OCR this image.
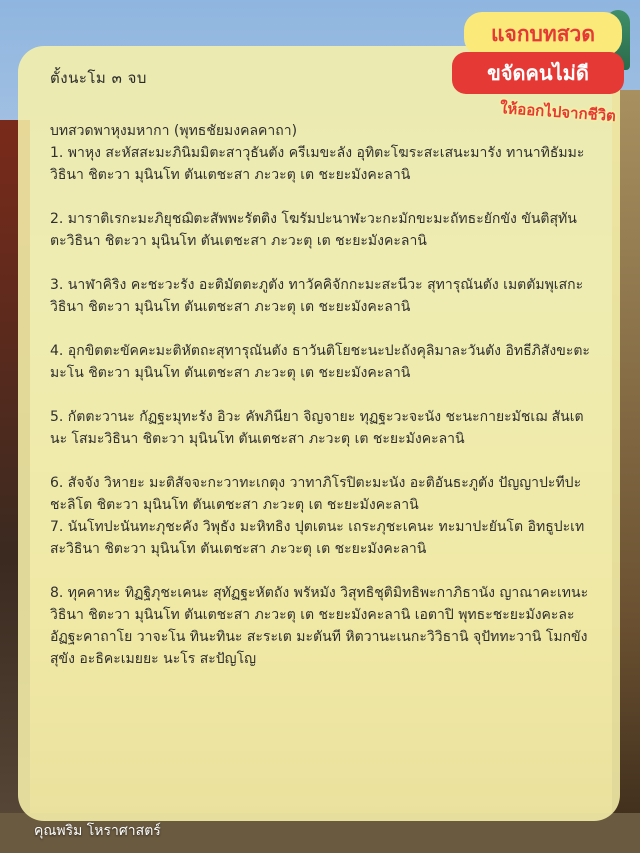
แจกบทสวด
ขจัดคนไม่ดี
ให้ออกไปจากชีวิต
ตั้งนะโม ๓ จบ

บทสวดพาหุงมหากา (พุทธชัยมงคลคาถา)

1. พาหุง สะหัสสะมะภินิมมิตะสาวุธันตัง ครีเมขะลัง อุทิตะโฆระสะเสนะมารัง ทานาทิธัมมะวิธินา ชิตะวา มุนินโท ตันเตชะสา ภะวะตุ เต ชะยะมังคะลานิ

2. มาราติเรกะมะภิยุชฌิตะสัพพะรัตติง โฆรัมปะนาฬะวะกะมักขะมะถัทธะยักขัง ขันติสุทันตะวิธินา ชิตะวา มุนินโท ตันเตชะสา ภะวะตุ เต ชะยะมังคะลานิ

3. นาฬาคิริง คะชะวะรัง อะติมัตตะภูตัง ทาวัคคิจักกะมะสะนีวะ สุทารุณันตัง เมตตัมพุเสกะ วิธินา ชิตะวา มุนินโท ตันเตชะสา ภะวะตุ เต ชะยะมังคะลานิ

4. อุกขิตตะขัคคะมะติหัตถะสุทารุณันตัง ธาวันติโยชะนะปะถังคุลิมาละวันตัง อิทธีภิสังขะตะมะโน ชิตะวา มุนินโท ตันเตชะสา ภะวะตุ เต ชะยะมังคะลานิ

5. กัตตะวานะ กัฏฐะมุทะรัง อิวะ คัพภินียา จิญจายะ ทุฏฐะวะจะนัง ชะนะกายะมัชเฌ สันเตนะ โสมะวิธินา ชิตะวา มุนินโท ตันเตชะสา ภะวะตุ เต ชะยะมังคะลานิ

6. สัจจัง วิหายะ มะติสัจจะกะวาทะเกตุง วาทาภิโรปิตะมะนัง อะติอันธะภูตัง ปัญญาปะทีปะชะลิโต ชิตะวา มุนินโท ตันเตชะสา ภะวะตุ เต ชะยะมังคะลานิ

7. นันโทปะนันทะภุชะคัง วิพุธัง มะหิทธิง ปุตเตนะ เถระภุชะเคนะ ทะมาปะยันโต อิทธูปะเทสะวิธินา ชิตะวา มุนินโท ตันเตชะสา ภะวะตุ เต ชะยะมังคะลานิ

8. ทุคคาหะ ทิฏฐิภุชะเคนะ สุทัฏฐะหัตถัง พรัหมัง วิสุทธิชุติมิทธิพะกาภิธานัง ญาณาคะเทนะ วิธินา ชิตะวา มุนินโท ตันเตชะสา ภะวะตุ เต ชะยะมังคะลานิ เอตาปิ พุทธะชะยะมังคะละอัฏฐะคาถาโย วาจะโน ทินะทินะ สะระเต มะตันที หิตวานะเนกะวิวิธานิ จุปัททะวานิ โมกขัง สุขัง อะธิคะเมยยะ นะโร สะปัญโญ

คุณพริม โหราศาสตร์
